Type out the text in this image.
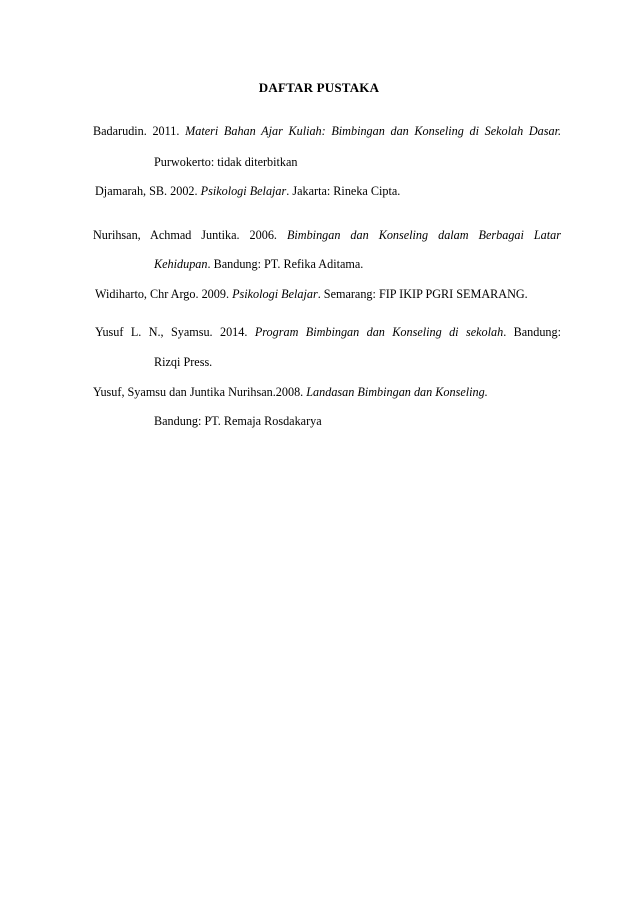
DAFTAR PUSTAKA
Badarudin. 2011. Materi Bahan Ajar Kuliah: Bimbingan dan Konseling di Sekolah Dasar.
Purwokerto: tidak diterbitkan
Djamarah, SB. 2002. Psikologi Belajar. Jakarta: Rineka Cipta.
Nurihsan, Achmad Juntika. 2006. Bimbingan dan Konseling dalam Berbagai Latar
Kehidupan. Bandung: PT. Refika Aditama.
Widiharto, Chr Argo. 2009. Psikologi Belajar. Semarang: FIP IKIP PGRI SEMARANG.
Yusuf L. N., Syamsu. 2014. Program Bimbingan dan Konseling di sekolah. Bandung:
Rizqi Press.
Yusuf, Syamsu dan Juntika Nurihsan.2008. Landasan Bimbingan dan Konseling.
Bandung: PT. Remaja Rosdakarya
